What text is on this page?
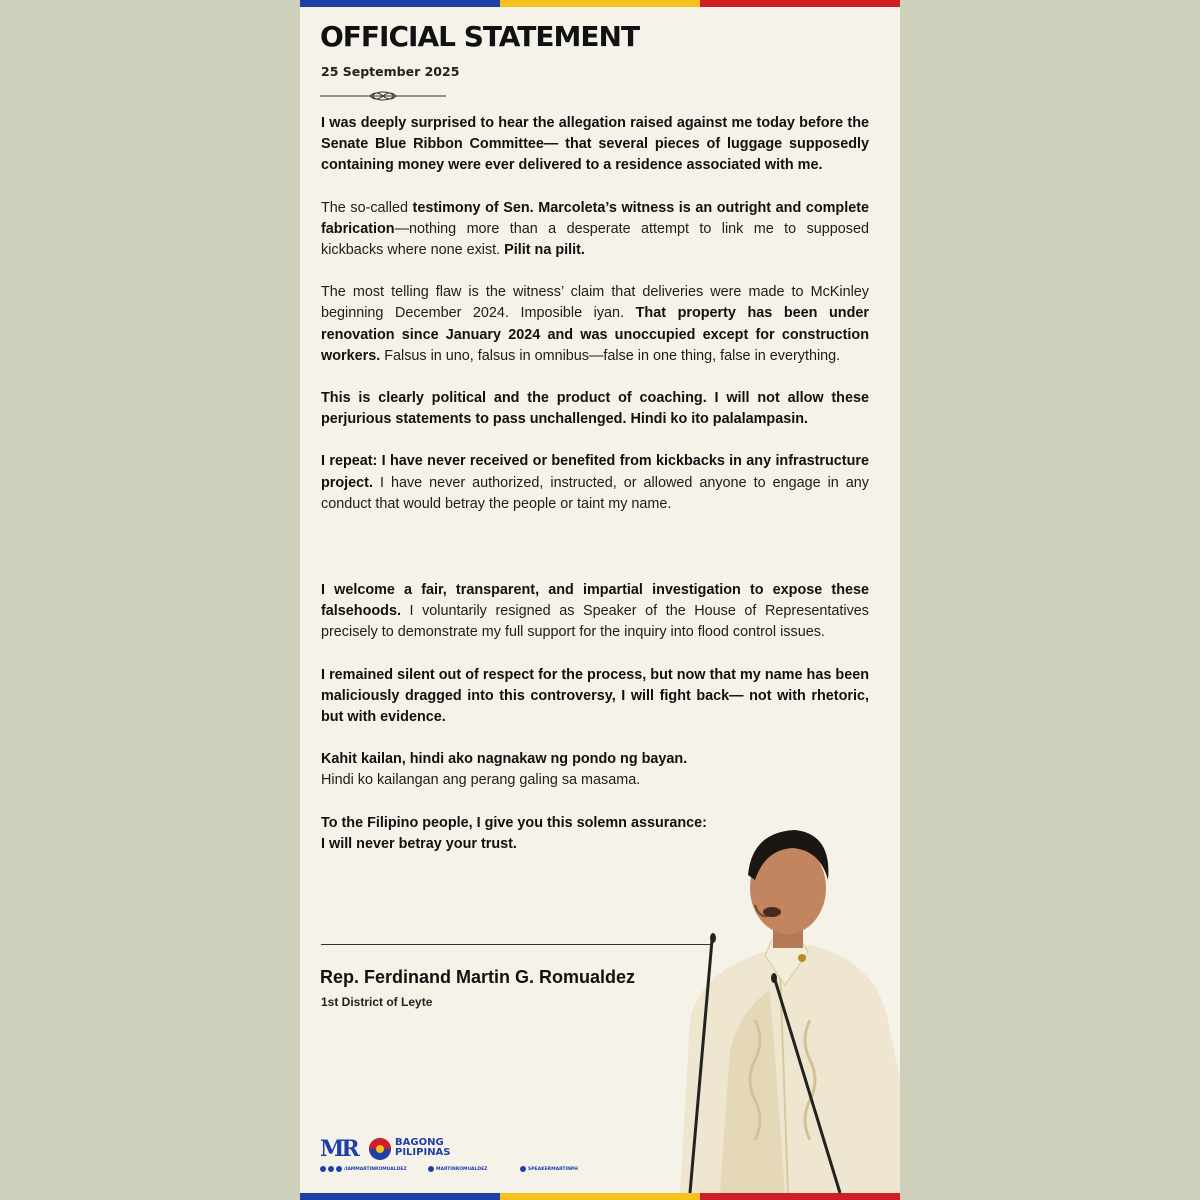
OFFICIAL STATEMENT
25 September 2025

I was deeply surprised to hear the allegation raised against me today before the Senate Blue Ribbon Committee— that several pieces of luggage supposedly containing money were ever delivered to a residence associated with me.

The so-called testimony of Sen. Marcoleta’s witness is an outright and complete fabrication—nothing more than a desperate attempt to link me to supposed kickbacks where none exist. Pilit na pilit.

The most telling flaw is the witness’ claim that deliveries were made to McKinley beginning December 2024. Imposible iyan. That property has been under renovation since January 2024 and was unoccupied except for construction workers. Falsus in uno, falsus in omnibus—false in one thing, false in everything.

This is clearly political and the product of coaching. I will not allow these perjurious statements to pass unchallenged. Hindi ko ito palalampasin.

I repeat: I have never received or benefited from kickbacks in any infrastructure project. I have never authorized, instructed, or allowed anyone to engage in any conduct that would betray the people or taint my name.

I welcome a fair, transparent, and impartial investigation to expose these falsehoods. I voluntarily resigned as Speaker of the House of Representatives precisely to demonstrate my full support for the inquiry into flood control issues.

I remained silent out of respect for the process, but now that my name has been maliciously dragged into this controversy, I will fight back— not with rhetoric, but with evidence.

Kahit kailan, hindi ako nagnakaw ng pondo ng bayan.
Hindi ko kailangan ang perang galing sa masama.

To the Filipino people, I give you this solemn assurance:
I will never betray your trust.

Rep. Ferdinand Martin G. Romualdez
1st District of Leyte
MR	BAGONG
PILIPINAS
/IAMMARTINROMUALDEZ	MARTINROMUALDEZ	SPEAKERMARTINPH
